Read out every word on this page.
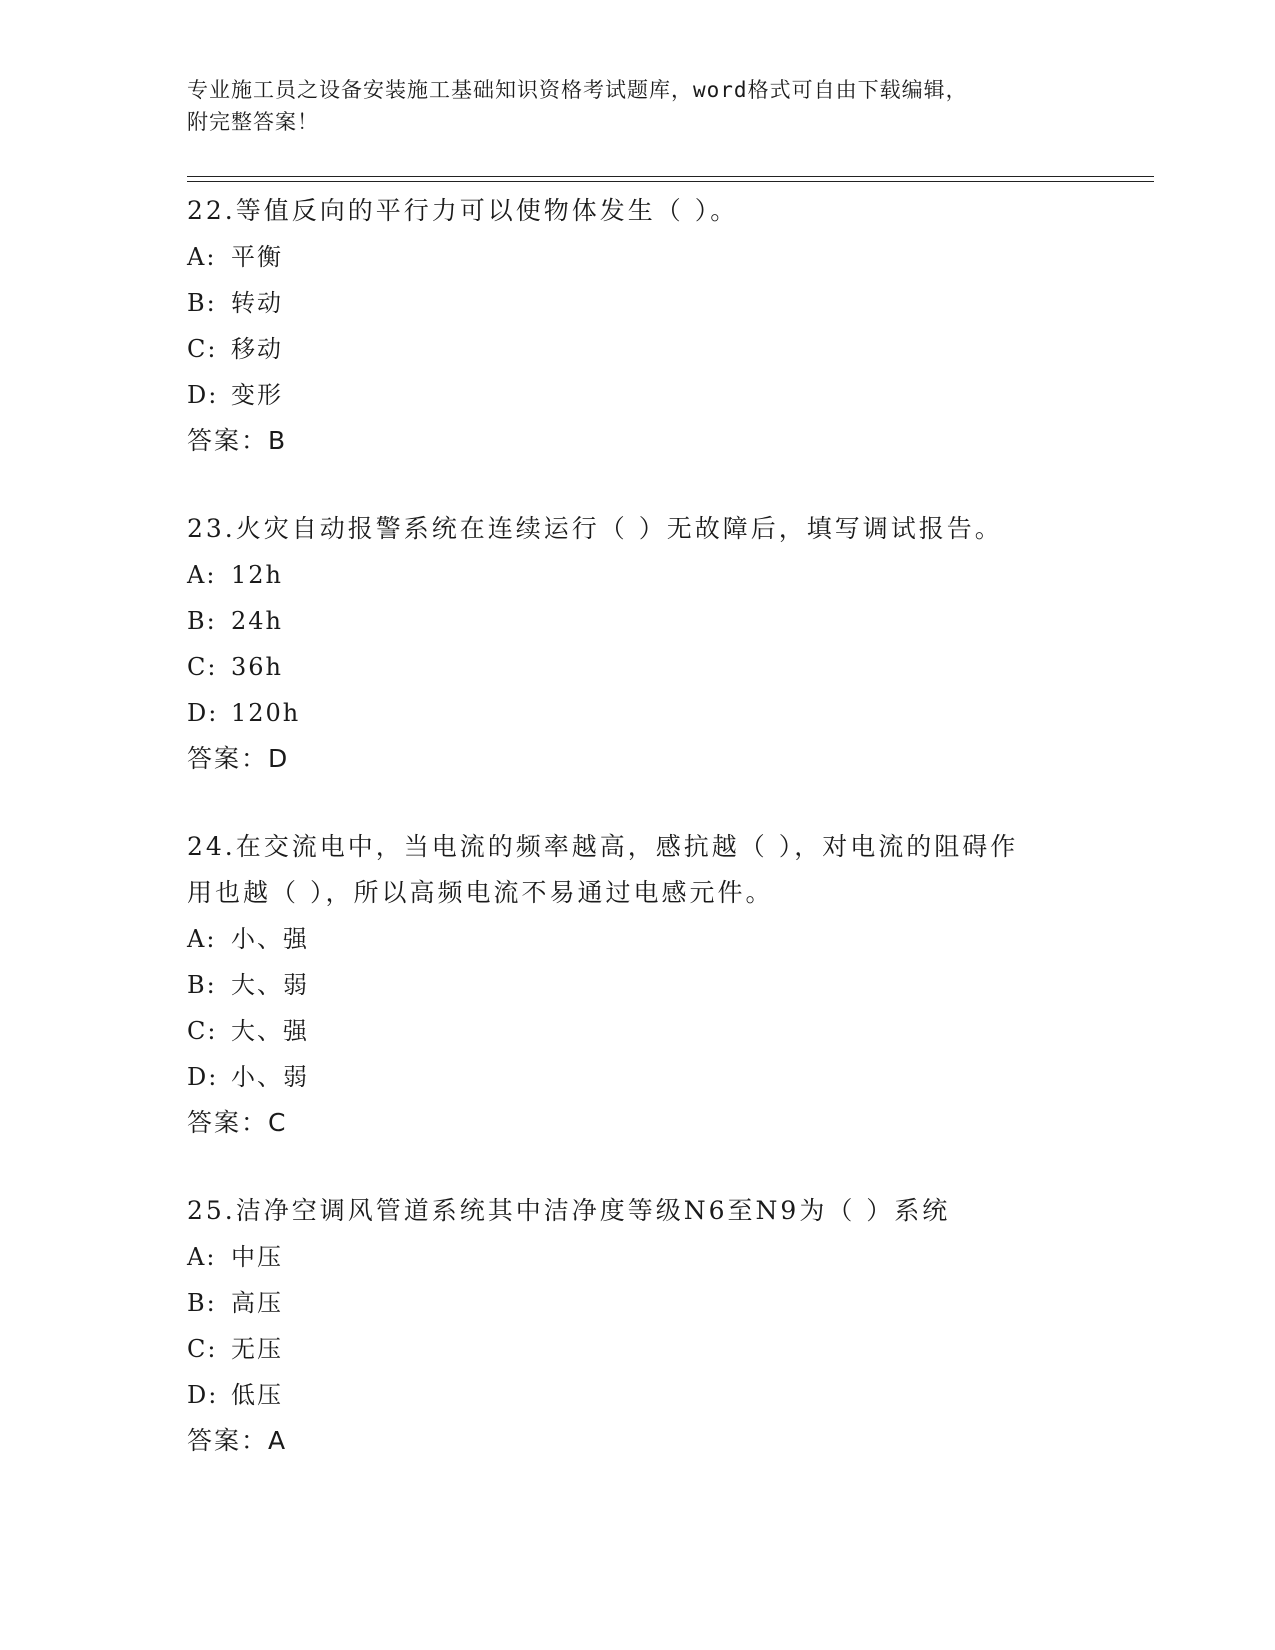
专业施工员之设备安装施工基础知识资格考试题库，word格式可自由下载编辑，
附完整答案！
22.等值反向的平行力可以使物体发生（ ）。
A: 平衡
B: 转动
C: 移动
D: 变形
答案：B
23.火灾自动报警系统在连续运行（ ）无故障后，填写调试报告。
A: 12h
B: 24h
C: 36h
D: 120h
答案：D
24.在交流电中，当电流的频率越高，感抗越（ ），对电流的阻碍作
用也越（ ），所以高频电流不易通过电感元件。
A: 小、强
B: 大、弱
C: 大、强
D: 小、弱
答案：C
25.洁净空调风管道系统其中洁净度等级N6至N9为（ ）系统
A: 中压
B: 高压
C: 无压
D: 低压
答案：A
